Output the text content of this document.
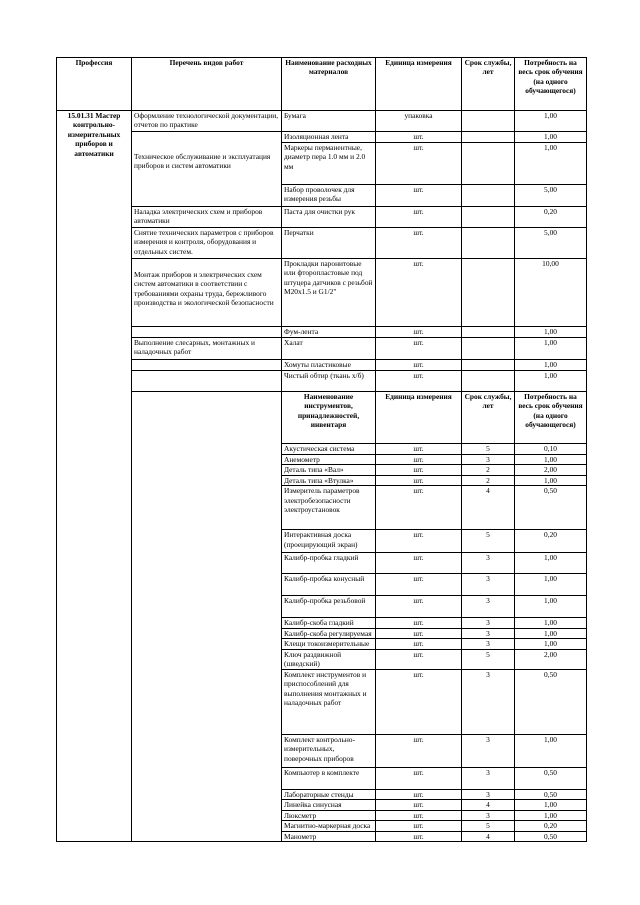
Профессия	Перечень видов работ	Наименование расходных материалов	Единица измерения	Срок службы, лет	Потребность на весь срок обучения (на одного обучающегося)
15.01.31 Мастер контрольно-измерительных приборов и автоматики	Оформление технологической документации, отчетов по практике	Бумага	упаковка		1,00

	Техническое обслуживание и эксплуатация приборов и систем автоматики	Изоляционная лента	шт.		1,00
		Маркеры перманентные, диаметр пера 1.0 мм и 2.0 мм	шт.		1,00
		Набор проволочек для измерения резьбы	шт.		5,00
	Наладка электрических схем и приборов автоматики	Паста для очистки рук	шт.		0,20
	Снятие технических параметров с приборов измерения и контроля, оборудования и отдельных систем.	Перчатки	шт.		5,00

	Монтаж приборов и электрических схем систем автоматики в соответствии с требованиями охраны труда, бережливого производства и экологической безопасности	Прокладки паронитовые или фторопластовые под штуцера датчиков с резьбой М20х1.5 и G1/2"	шт.		10,00
		Фум-лента	шт.		1,00
	Выполнение слесарных, монтажных и наладочных работ	Халат	шт.		1,00
		Хомуты пластиковые	шт.		1,00
		Чистый обтир (ткань х/б)	шт.		1,00
		Наименование инструментов, принадлежностей, инвентаря	Единица измерения	Срок службы, лет	Потребность на весь срок обучения (на одного обучающегося)
		Акустическая система	шт.	5	0,10
		Анемометр	шт.	3	1,00
		Деталь типа «Вал»	шт.	2	2,00
		Деталь типа «Втулка»	шт.	2	1,00
		Измеритель параметров электробезопасности электроустановок	шт.	4	0,50
		Интерактивная доска (проецирующий экран)	шт.	5	0,20
		Калибр-пробка гладкий	шт.	3	1,00
		Калибр-пробка конусный	шт.	3	1,00
		Калибр-пробка резьбовой	шт.	3	1,00
		Калибр-скоба гладкий	шт.	3	1,00
		Калибр-скоба регулируемая	шт.	3	1,00
		Клещи токоизмерительные	шт.	3	1,00
		Ключ раздвижной (шведский)	шт.	5	2,00
		Комплект инструментов и приспособлений для выполнения монтажных и наладочных работ	шт.	3	0,50
		Комплект контрольно-измерительных, поверочных приборов	шт.	3	1,00
		Компьютер в комплекте	шт.	3	0,50
		Лабораторные стенды	шт.	3	0,50
		Линейка синусная	шт.	4	1,00
		Люксметр	шт.	3	1,00
		Магнитно-маркерная доска	шт.	5	0,20
		Манометр	шт.	4	0,50
